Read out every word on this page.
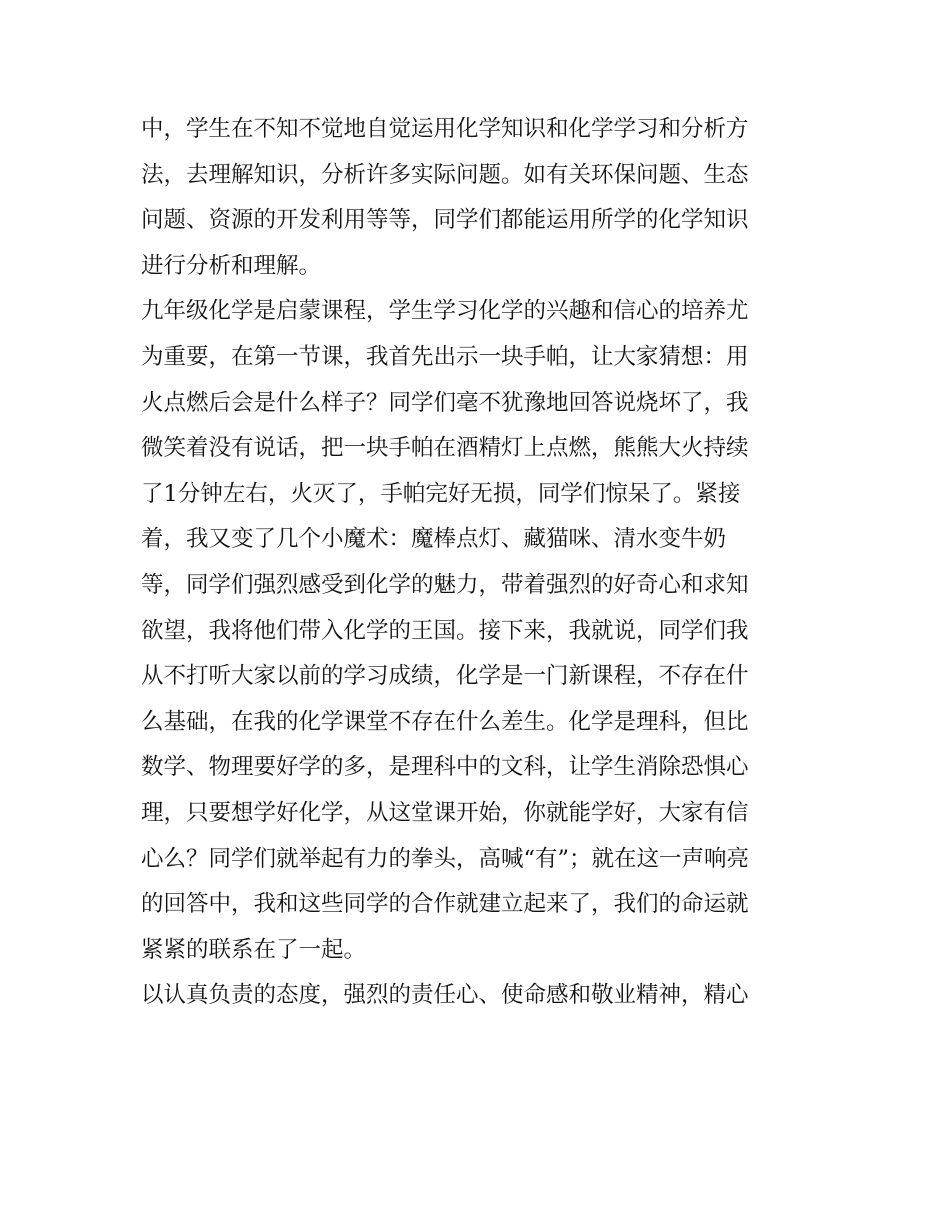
中，学生在不知不觉地自觉运用化学知识和化学学习和分析方

法，去理解知识，分析许多实际问题。如有关环保问题、生态

问题、资源的开发利用等等，同学们都能运用所学的化学知识

进行分析和理解。

九年级化学是启蒙课程，学生学习化学的兴趣和信心的培养尤

为重要，在第一节课，我首先出示一块手帕，让大家猜想：用

火点燃后会是什么样子？同学们毫不犹豫地回答说烧坏了，我

微笑着没有说话，把一块手帕在酒精灯上点燃，熊熊大火持续

了1分钟左右，火灭了，手帕完好无损，同学们惊呆了。紧接

着，我又变了几个小魔术：魔棒点灯、藏猫咪、清水变牛奶

等，同学们强烈感受到化学的魅力，带着强烈的好奇心和求知

欲望，我将他们带入化学的王国。接下来，我就说，同学们我

从不打听大家以前的学习成绩，化学是一门新课程，不存在什

么基础，在我的化学课堂不存在什么差生。化学是理科，但比

数学、物理要好学的多，是理科中的文科，让学生消除恐惧心

理，只要想学好化学，从这堂课开始，你就能学好，大家有信

心么？同学们就举起有力的拳头，高喊“有”；就在这一声响亮

的回答中，我和这些同学的合作就建立起来了，我们的命运就

紧紧的联系在了一起。

以认真负责的态度，强烈的责任心、使命感和敬业精神，精心
